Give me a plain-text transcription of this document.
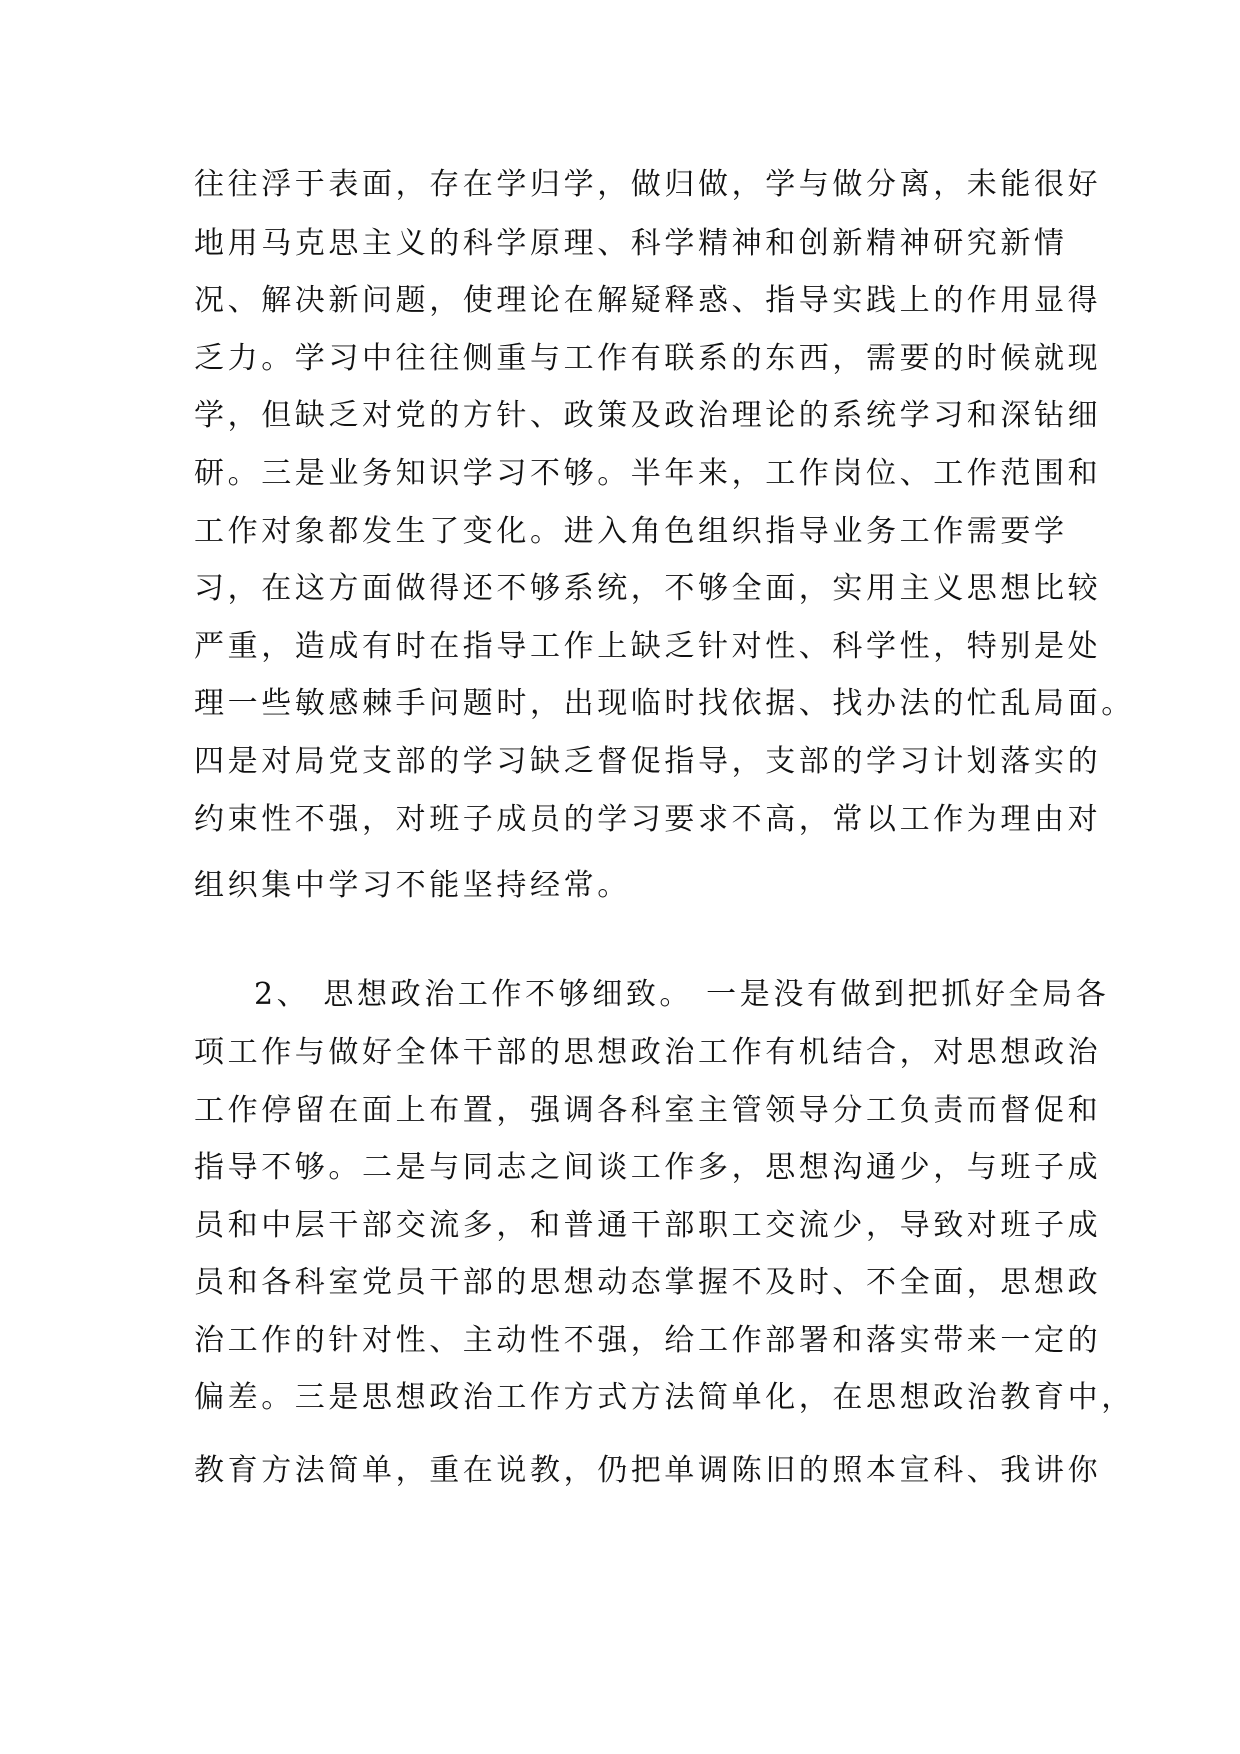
往往浮于表面，存在学归学，做归做，学与做分离，未能很好
地用马克思主义的科学原理、科学精神和创新精神研究新情
况、解决新问题，使理论在解疑释惑、指导实践上的作用显得
乏力。学习中往往侧重与工作有联系的东西，需要的时候就现
学，但缺乏对党的方针、政策及政治理论的系统学习和深钻细
研。三是业务知识学习不够。半年来，工作岗位、工作范围和
工作对象都发生了变化。进入角色组织指导业务工作需要学
习，在这方面做得还不够系统，不够全面，实用主义思想比较
严重，造成有时在指导工作上缺乏针对性、科学性，特别是处
理一些敏感棘手问题时，出现临时找依据、找办法的忙乱局面。
四是对局党支部的学习缺乏督促指导，支部的学习计划落实的
约束性不强，对班子成员的学习要求不高，常以工作为理由对
组织集中学习不能坚持经常。
2、 思想政治工作不够细致。 一是没有做到把抓好全局各
项工作与做好全体干部的思想政治工作有机结合，对思想政治
工作停留在面上布置，强调各科室主管领导分工负责而督促和
指导不够。二是与同志之间谈工作多，思想沟通少，与班子成
员和中层干部交流多，和普通干部职工交流少，导致对班子成
员和各科室党员干部的思想动态掌握不及时、不全面，思想政
治工作的针对性、主动性不强，给工作部署和落实带来一定的
偏差。三是思想政治工作方式方法简单化，在思想政治教育中，
教育方法简单，重在说教，仍把单调陈旧的照本宣科、我讲你
